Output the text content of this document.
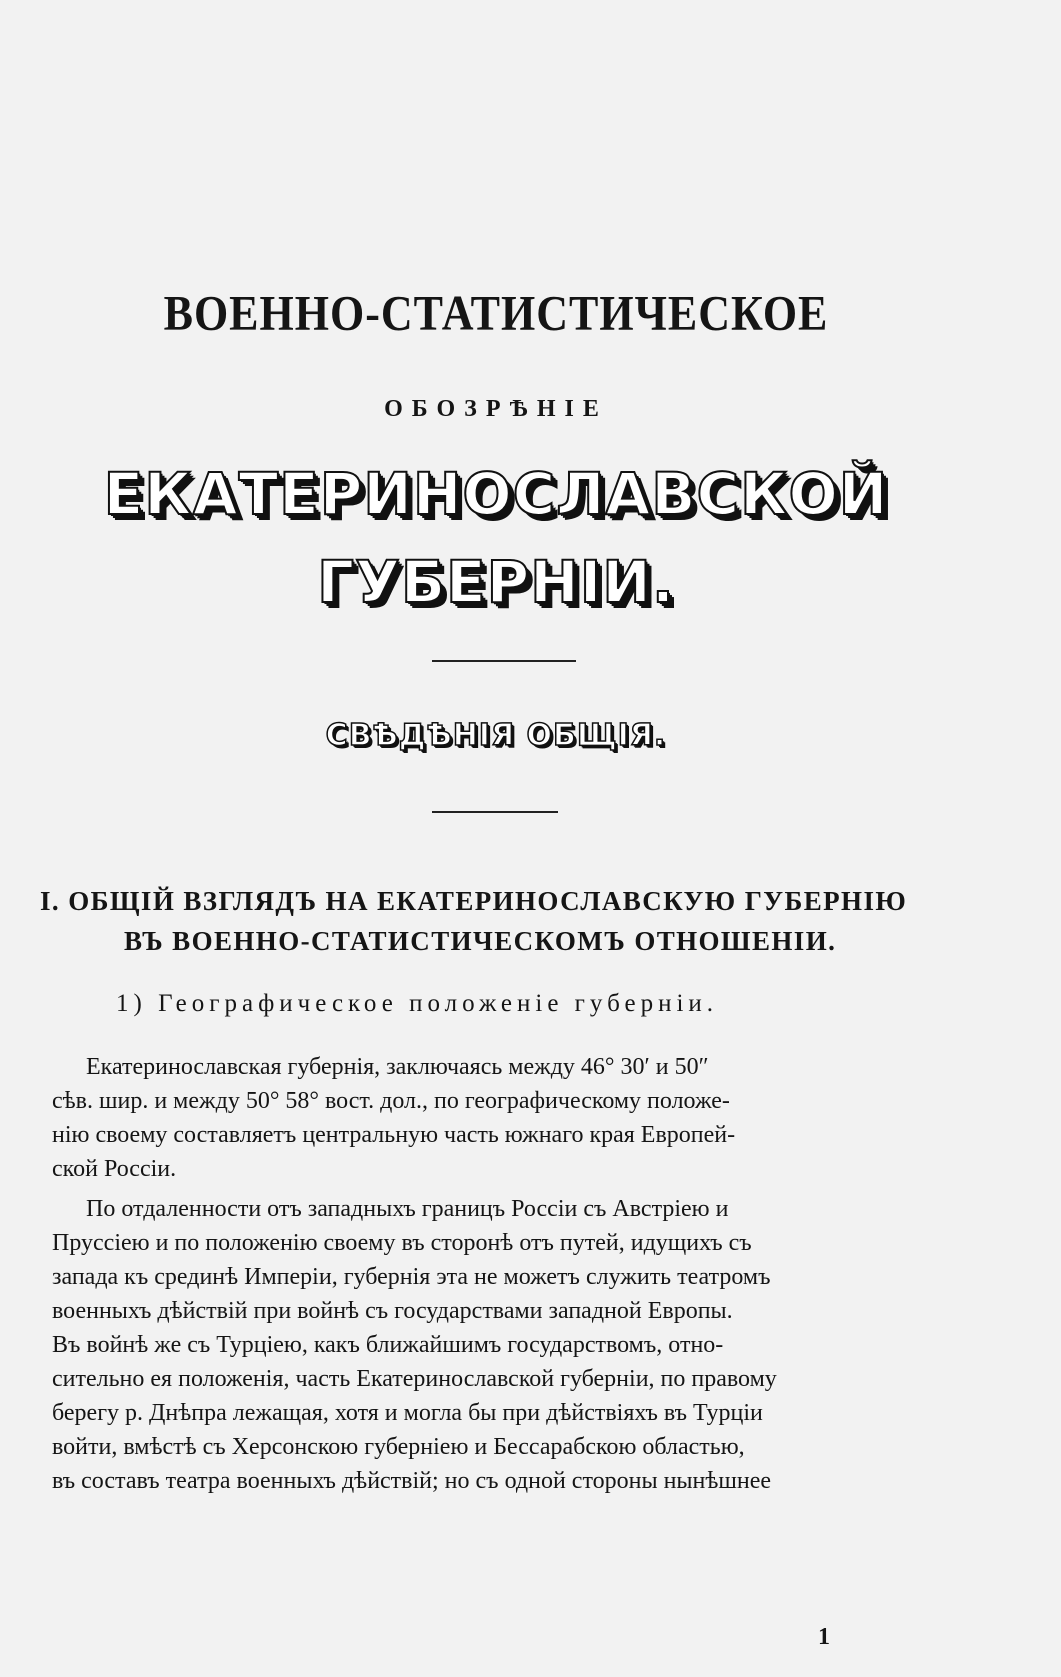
ВОЕННО-СТАТИСТИЧЕСКОЕ
ОБОЗРѢНІЕ
ЕКАТЕРИНОСЛАВСКОЙ
ГУБЕРНІИ.
СВѢДѢНІЯ ОБЩІЯ.
I. ОБЩІЙ ВЗГЛЯДЪ НА ЕКАТЕРИНОСЛАВСКУЮ ГУБЕРНІЮ
ВЪ ВОЕННО-СТАТИСТИЧЕСКОМЪ ОТНОШЕНІИ.
1) Географическое положеніе губерніи.
Екатеринославская губернія, заключаясь между 46° 30′ и 50″
сѣв. шир. и между 50° 58° вост. дол., по географическому положе-
нію своему составляетъ центральную часть южнаго края Европей-
ской Россіи.
По отдаленности отъ западныхъ границъ Россіи съ Австріею и
Пруссіею и по положенію своему въ сторонѣ отъ путей, идущихъ съ
запада къ срединѣ Имперіи, губернія эта не можетъ служить театромъ
военныхъ дѣйствій при войнѣ съ государствами западной Европы.
Въ войнѣ же съ Турціею, какъ ближайшимъ государствомъ, отно-
сительно ея положенія, часть Екатеринославской губерніи, по правому
берегу р. Днѣпра лежащая, хотя и могла бы при дѣйствіяхъ въ Турціи
войти, вмѣстѣ съ Херсонскою губерніею и Бессарабскою областью,
въ составъ театра военныхъ дѣйствій; но съ одной стороны нынѣшнее
1
